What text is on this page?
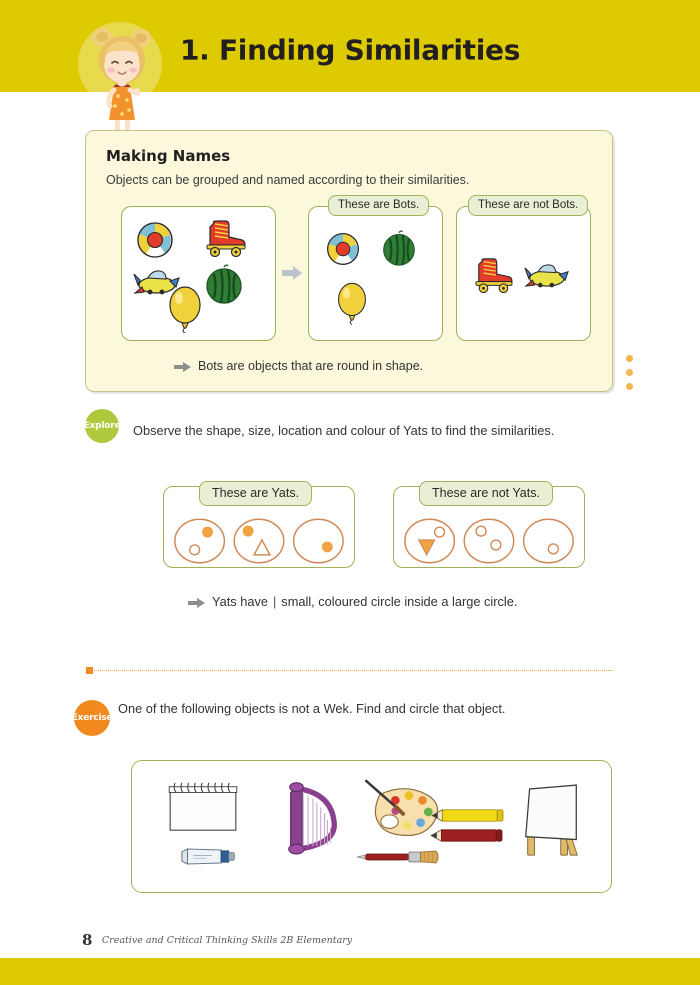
1. Finding Similarities
Making Names
Objects can be grouped and named according to their similarities.
These are Bots.	These are not Bots.
Bots are objects that are round in shape.
Explore Observe the shape, size, location and colour of Yats to find the similarities.
These are Yats.	These are not Yats.
Yats have | small, coloured circle inside a large circle.
Exercise
One of the following objects is not a Wek. Find and circle that object.
8 Creative and Critical Thinking Skills 2B Elementary
